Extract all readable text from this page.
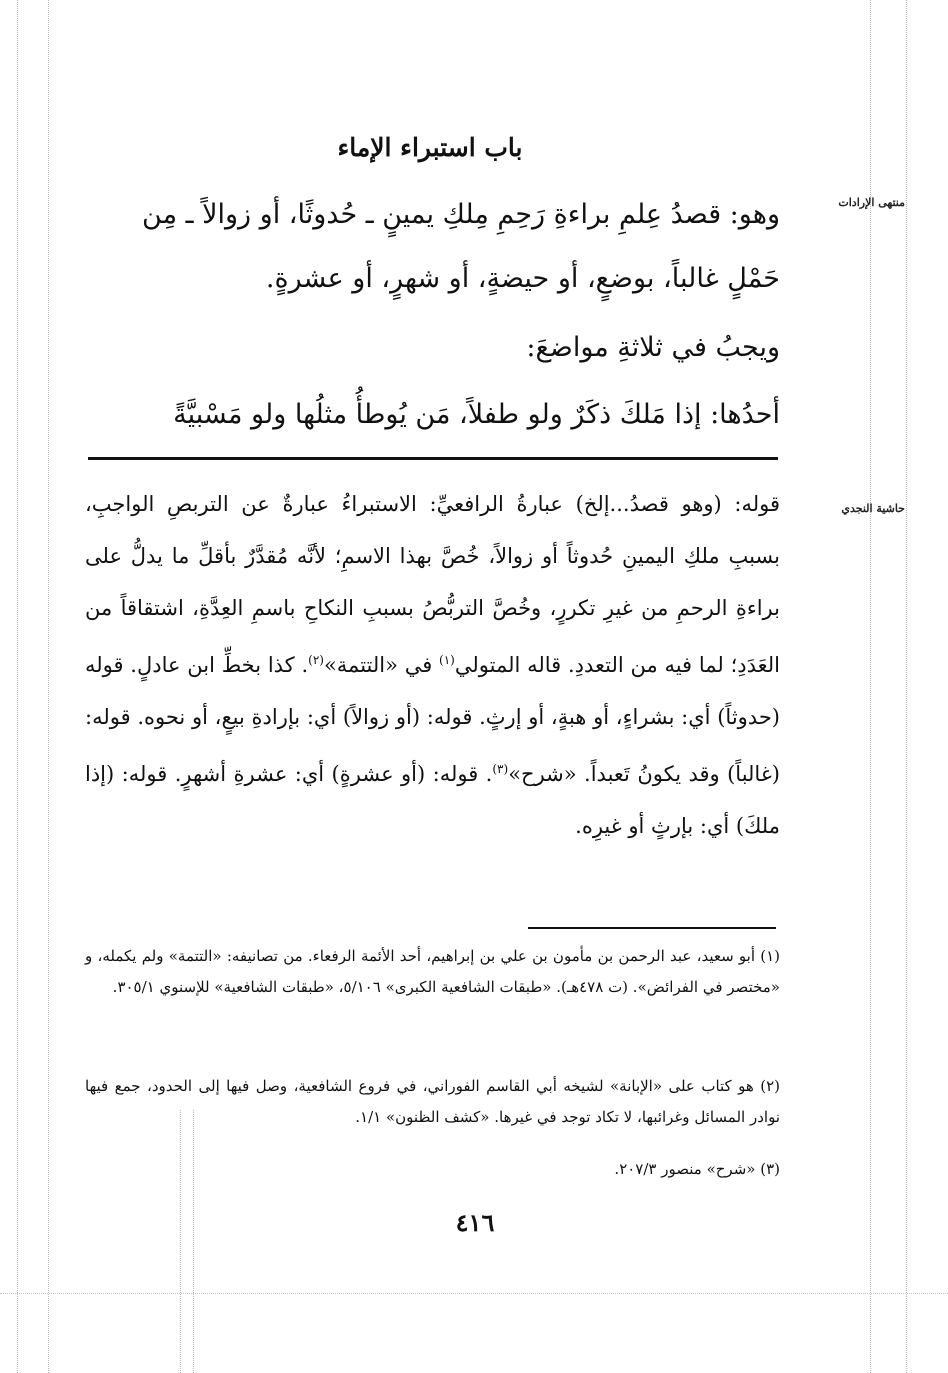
باب استبراء الإماء
منتهى الإرادات
حاشية النجدي
وهو: قصدُ عِلمِ براءةِ رَحِمِ مِلكِ يمينٍ ـ حُدوثًا، أو زوالاً ـ مِن
حَمْلٍ غالباً، بوضعٍ، أو حيضةٍ، أو شهرٍ، أو عشرةٍ.
ويجبُ في ثلاثةِ مواضعَ:
أحدُها: إذا مَلكَ ذكَرٌ ولو طفلاً، مَن يُوطأُ مثلُها ولو مَسْبيَّةً
قوله: (وهو قصدُ...إلخ) عبارةُ الرافعيِّ: الاستبراءُ عبارةٌ عن التربصِ الواجبِ، بسببِ ملكِ اليمينِ حُدوثاً أو زوالاً، خُصَّ بهذا الاسمِ؛ لأنَّه مُقدَّرٌ بأقلِّ ما يدلُّ على براءةِ الرحمِ من غيرِ تكررٍ، وخُصَّ التربُّصُ بسببِ النكاحِ باسمِ العِدَّةِ، اشتقاقاً من العَدَدِ؛ لما فيه من التعددِ. قاله المتولي$^{(١)}$ في «التتمة»$^{(٢)}$. كذا بخطِّ ابن عادلٍ. قوله (حدوثاً) أي: بشراءٍ، أو هبةٍ، أو إرثٍ. قوله: (أو زوالاً) أي: بإرادةِ بيعٍ، أو نحوه. قوله: (غالباً) وقد يكونُ تَعبداً. «شرح»$^{(٣)}$. قوله: (أو عشرةٍ) أي: عشرةِ أشهرٍ. قوله: (إذا ملكَ) أي: بإرثٍ أو غيرِه.
(١) أبو سعيد، عبد الرحمن بن مأمون بن علي بن إبراهيم، أحد الأئمة الرفعاء. من تصانيفه: «التتمة» ولم يكمله، و «مختصر في الفرائض». (ت ٤٧٨هـ). «طبقات الشافعية الكبرى» ٥/١٠٦، «طبقات الشافعية» للإسنوي ٣٠٥/١.
(٢) هو كتاب على «الإبانة» لشيخه أبي القاسم الفوراني، في فروع الشافعية، وصل فيها إلى الحدود، جمع فيها نوادر المسائل وغرائبها، لا تكاد توجد في غيرها. «كشف الظنون» ١/١.
(٣) «شرح» منصور ٢٠٧/٣.
٤١٦
